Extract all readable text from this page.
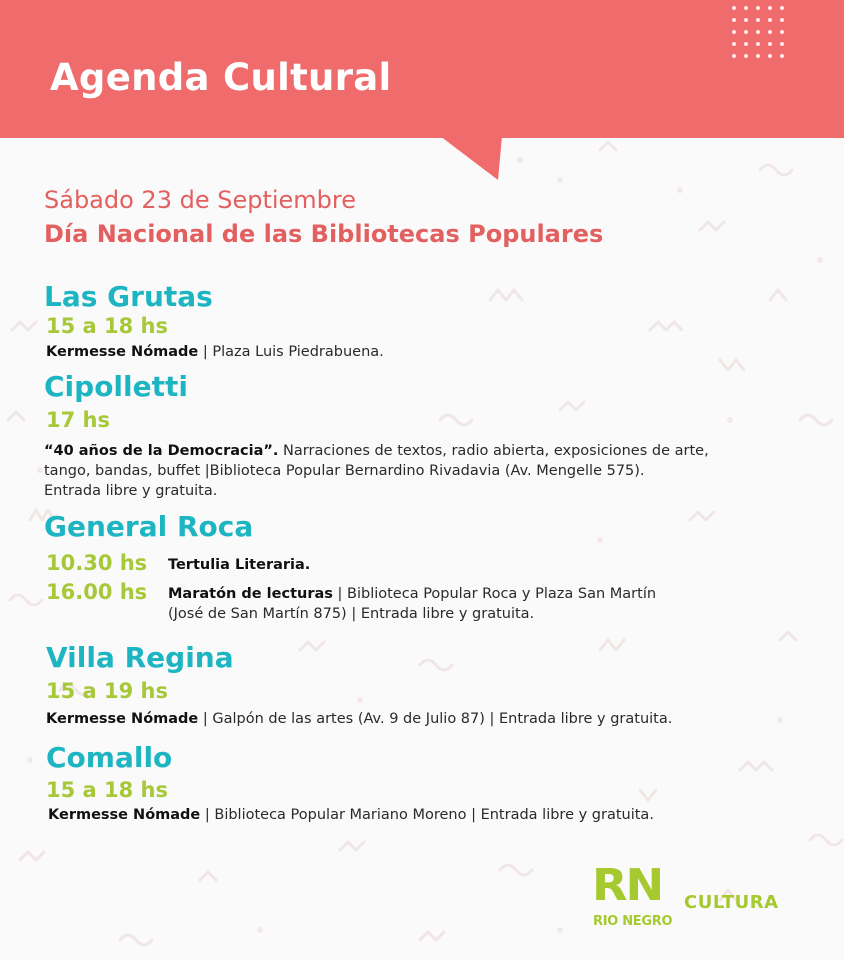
Agenda Cultural
Sábado 23 de Septiembre
Día Nacional de las Bibliotecas Populares
Las Grutas
15 a 18 hs
Kermesse Nómade | Plaza Luis Piedrabuena.
Cipolletti
17 hs
“40 años de la Democracia”. Narraciones de textos, radio abierta, exposiciones de arte,
tango, bandas, buffet |Biblioteca Popular Bernardino Rivadavia (Av. Mengelle 575).
Entrada libre y gratuita.
General Roca
10.30 hs Tertulia Literaria.
16.00 hs Maratón de lecturas | Biblioteca Popular Roca y Plaza San Martín
(José de San Martín 875) | Entrada libre y gratuita.
Villa Regina
15 a 19 hs
Kermesse Nómade | Galpón de las artes (Av. 9 de Julio 87) | Entrada libre y gratuita.
Comallo
15 a 18 hs
Kermesse Nómade | Biblioteca Popular Mariano Moreno | Entrada libre y gratuita.
RN
RIO NEGRO
CULTURA
